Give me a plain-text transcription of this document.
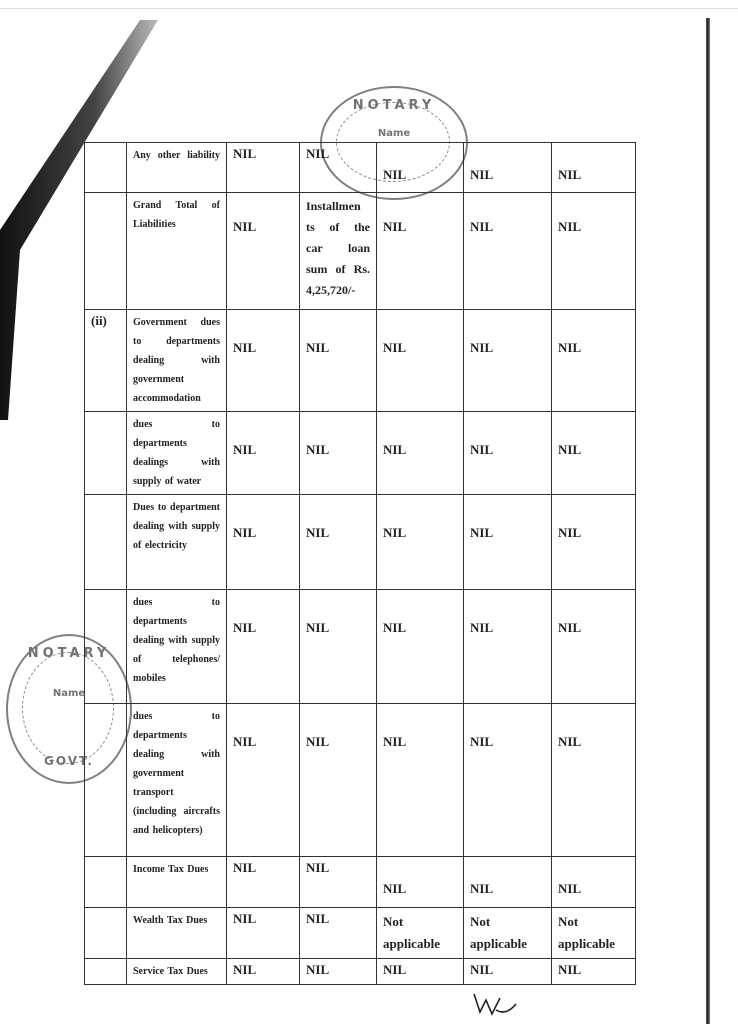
NOTARY
Name
NOTARY
Name
GOVT.
	Any other liability	NIL	NIL	NIL	NIL	NIL
	Grand Total of Liabilities	NIL	Installmen
ts of the
car loan
sum of Rs.
4,25,720/-	NIL	NIL	NIL
(ii)	Government dues to departments dealing with government accommodation	NIL	NIL	NIL	NIL	NIL
	dues to departments dealings with supply of water	NIL	NIL	NIL	NIL	NIL
	Dues to department dealing with supply of electricity	NIL	NIL	NIL	NIL	NIL
	dues to departments dealing with supply of telephones/ mobiles	NIL	NIL	NIL	NIL	NIL
	dues to departments dealing with government transport (including aircrafts and helicopters)	NIL	NIL	NIL	NIL	NIL
	Income Tax Dues	NIL	NIL	NIL	NIL	NIL
	Wealth Tax Dues	NIL	NIL	Not applicable	Not applicable	Not applicable
	Service Tax Dues	NIL	NIL	NIL	NIL	NIL
